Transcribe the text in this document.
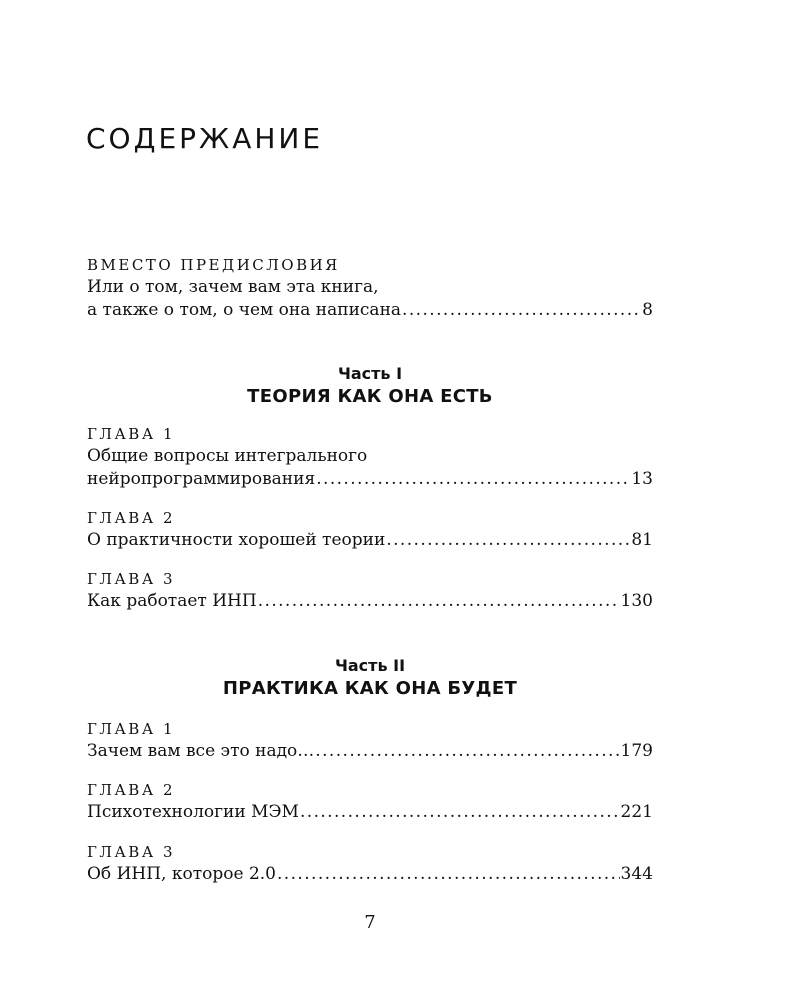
СОДЕРЖАНИЕ
ВМЕСТО ПРЕДИСЛОВИЯ
Или о том, зачем вам эта книга,
а также о том, о чем она написана . . .	8
Часть I
ТЕОРИЯ КАК ОНА ЕСТЬ
ГЛАВА 1
Общие вопросы интегрального
нейропрограммирования . . .	13
ГЛАВА 2
О практичности хорошей теории . . .	81
ГЛАВА 3
Как работает ИНП . . .	130
Часть II
ПРАКТИКА КАК ОНА БУДЕТ
ГЛАВА 1
Зачем вам все это надо… . . .	179
ГЛАВА 2
Психотехнологии МЭМ . . .	221
ГЛАВА 3
Об ИНП, которое 2.0 . . .	344
7
